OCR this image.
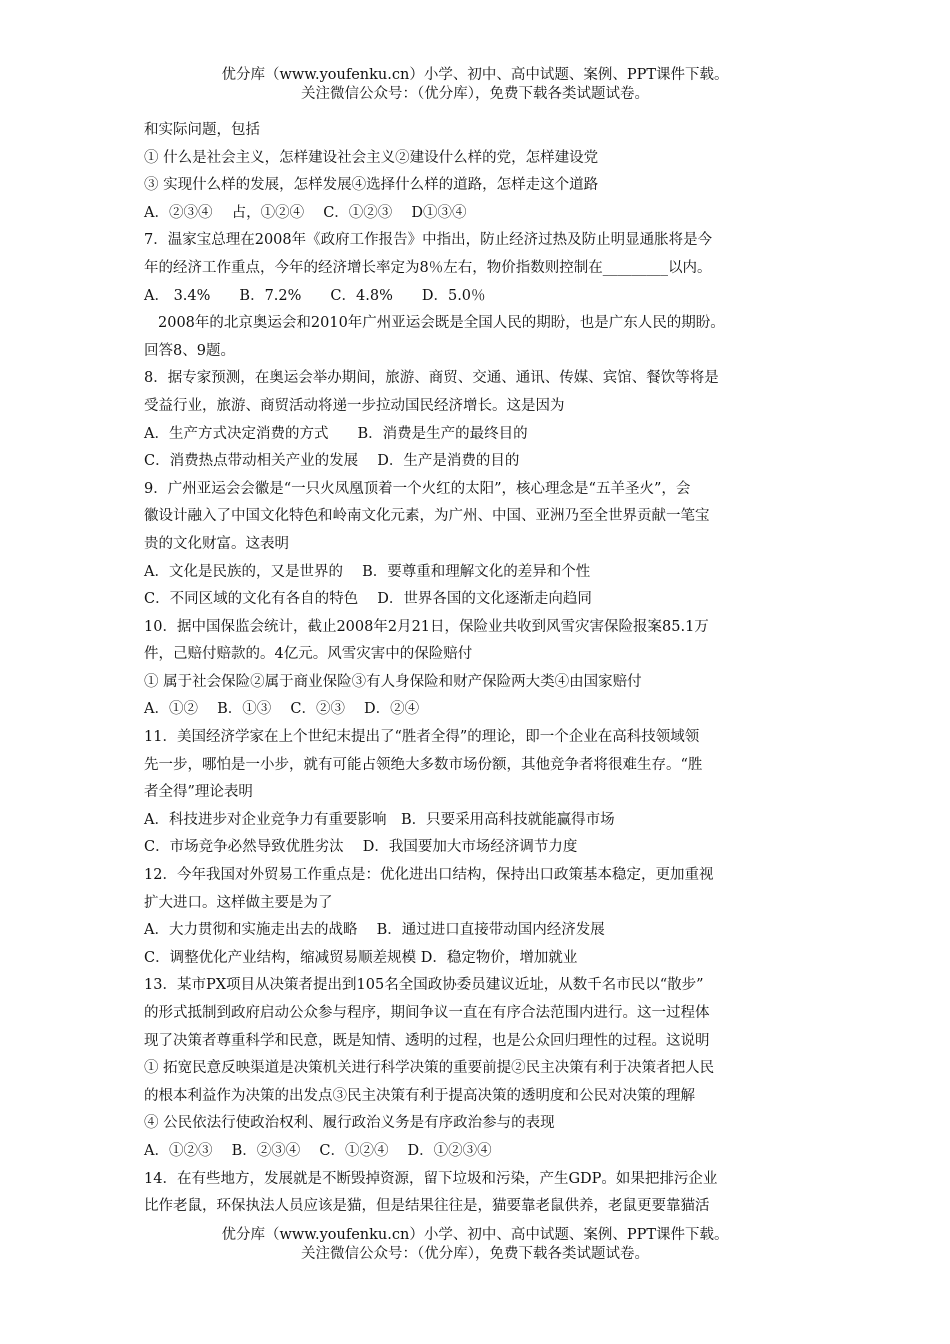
优分库（www.youfenku.cn）小学、初中、高中试题、案例、PPT课件下载。
关注微信公众号：（优分库），免费下载各类试题试卷。
和实际问题，包括
① 什么是社会主义，怎样建设社会主义②建设什么样的党，怎样建设党
③ 实现什么样的发展，怎样发展④选择什么样的道路，怎样走这个道路
A．②③④　 占，①②④　 C．①②③　 D①③④
7．温家宝总理在2008年《政府工作报告》中指出，防止经济过热及防止明显通胀将是今
年的经济工作重点，今年的经济增长率定为8％左右，物价指数则控制在_________以内。
A． 3.4%　　B．7.2%　　C．4.8%　　D．5.0％
2008年的北京奥运会和2010年广州亚运会既是全国人民的期盼，也是广东人民的期盼。
回答8、9题。
8．据专家预测，在奥运会举办期间，旅游、商贸、交通、通讯、传媒、宾馆、餐饮等将是
受益行业，旅游、商贸活动将递一步拉动国民经济增长。这是因为
A．生产方式决定消费的方式　　B．消费是生产的最终目的
C．消费热点带动相关产业的发展　 D．生产是消费的目的
9．广州亚运会会徽是“一只火凤凰顶着一个火红的太阳”，核心理念是“五羊圣火”，会
徽设计融入了中国文化特色和岭南文化元素，为广州、中国、亚洲乃至全世界贡献一笔宝
贵的文化财富。这表明
A．文化是民族的，又是世界的　 B．要尊重和理解文化的差异和个性
C．不同区域的文化有各自的特色　 D．世界各国的文化逐渐走向趋同
10．据中国保监会统计，截止2008年2月21日，保险业共收到风雪灾害保险报案85.1万
件，己赔付赔款的。4亿元。风雪灾害中的保险赔付
① 属于社会保险②属于商业保险③有人身保险和财产保险两大类④由国家赔付
A．①②　 B．①③　 C．②③　 D．②④
11．美国经济学家在上个世纪末提出了“胜者全得”的理论，即一个企业在高科技领域领
先一步，哪怕是一小步，就有可能占领绝大多数市场份额，其他竞争者将很难生存。“胜
者全得”理论表明
A．科技进步对企业竞争力有重要影响　B．只要采用高科技就能赢得市场
C．市场竞争必然导致优胜劣汰　 D．我国要加大市场经济调节力度
12．今年我国对外贸易工作重点是：优化进出口结构，保持出口政策基本稳定，更加重视
扩大进口。这样做主要是为了
A．大力贯彻和实施走出去的战略　 B．通过进口直接带动国内经济发展
C．调整优化产业结构，缩减贸易顺差规模 D．稳定物价，增加就业
13．某市PX项目从决策者提出到105名全国政协委员建议近址，从数千名市民以“散步”
的形式抵制到政府启动公众参与程序，期间争议一直在有序合法范围内进行。这一过程体
现了决策者尊重科学和民意，既是知情、透明的过程，也是公众回归理性的过程。这说明
① 拓宽民意反映渠道是决策机关进行科学决策的重要前提②民主决策有利于决策者把人民
的根本利益作为决策的出发点③民主决策有利于提高决策的透明度和公民对决策的理解
④ 公民依法行使政治权利、履行政治义务是有序政治参与的表现
A．①②③　 B．②③④　 C．①②④　 D．①②③④
14．在有些地方，发展就是不断毁掉资源，留下垃圾和污染，产生GDP。如果把排污企业
比作老鼠，环保执法人员应该是猫，但是结果往往是，猫要靠老鼠供养，老鼠更要靠猫活
优分库（www.youfenku.cn）小学、初中、高中试题、案例、PPT课件下载。
关注微信公众号：（优分库），免费下载各类试题试卷。
